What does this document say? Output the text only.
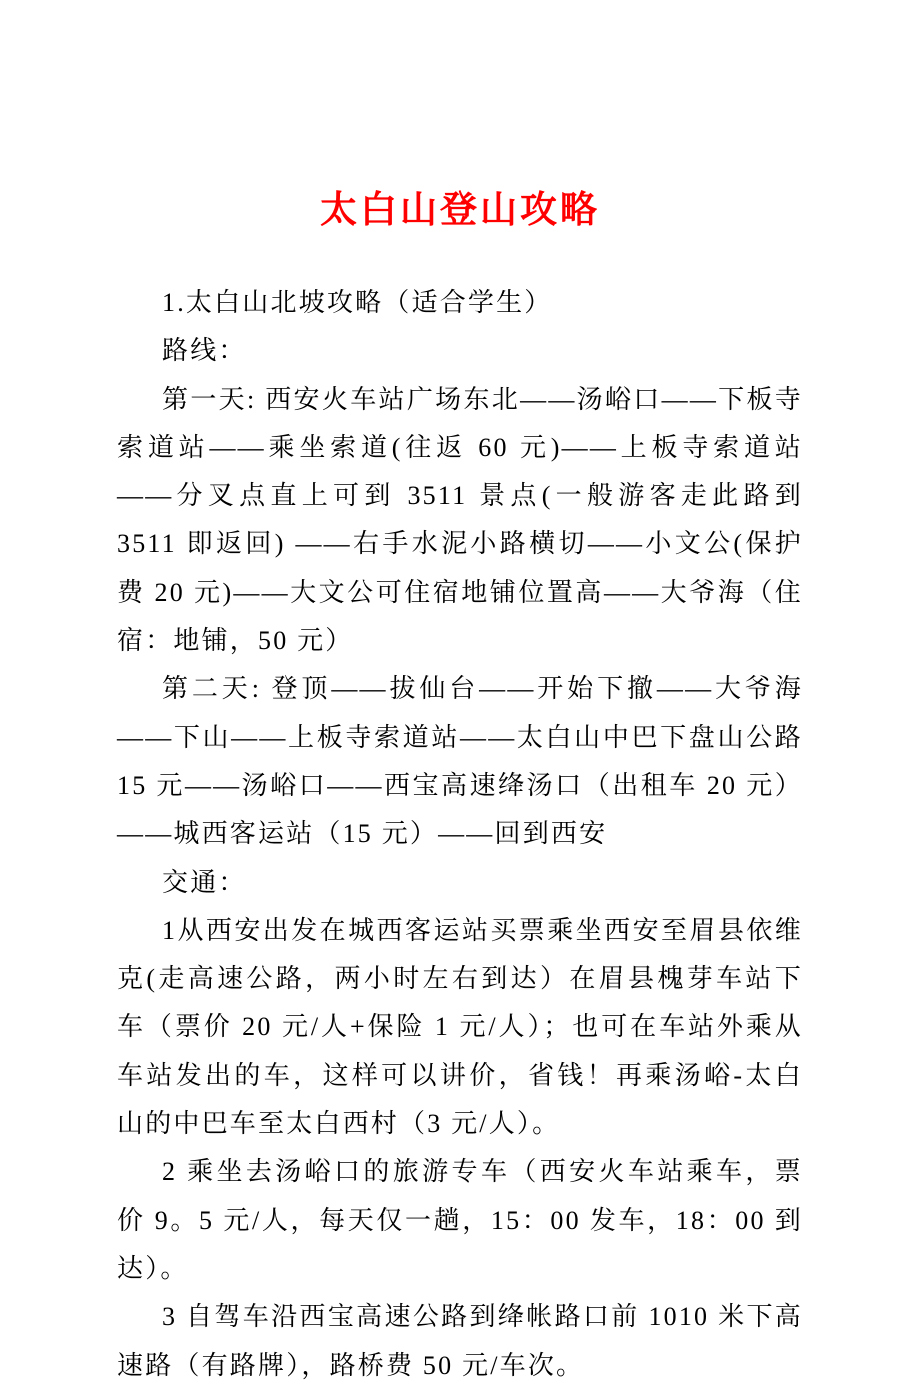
太白山登山攻略

1.太白山北坡攻略（适合学生）

路线：

第一天: 西安火车站广场东北——汤峪口——下板寺索道站——乘坐索道(往返 60 元)——上板寺索道站——分叉点直上可到 3511 景点(一般游客走此路到 3511 即返回) ——右手水泥小路横切——小文公(保护费 20 元)——大文公可住宿地铺位置高——大爷海（住宿：地铺，50 元）

第二天: 登顶——拔仙台——开始下撤——大爷海——下山——上板寺索道站——太白山中巴下盘山公路 15 元——汤峪口——西宝高速绛汤口（出租车 20 元）——城西客运站（15 元）——回到西安

交通：

1从西安出发在城西客运站买票乘坐西安至眉县依维克(走高速公路，两小时左右到达）在眉县槐芽车站下车（票价 20 元/人+保险 1 元/人）；也可在车站外乘从车站发出的车，这样可以讲价，省钱！再乘汤峪-太白山的中巴车至太白西村（3 元/人）。

2 乘坐去汤峪口的旅游专车（西安火车站乘车，票价 9。5 元/人，每天仅一趟，15：00 发车，18：00 到达）。

3 自驾车沿西宝高速公路到绛帐路口前 1010 米下高速路（有路牌），路桥费 50 元/车次。
